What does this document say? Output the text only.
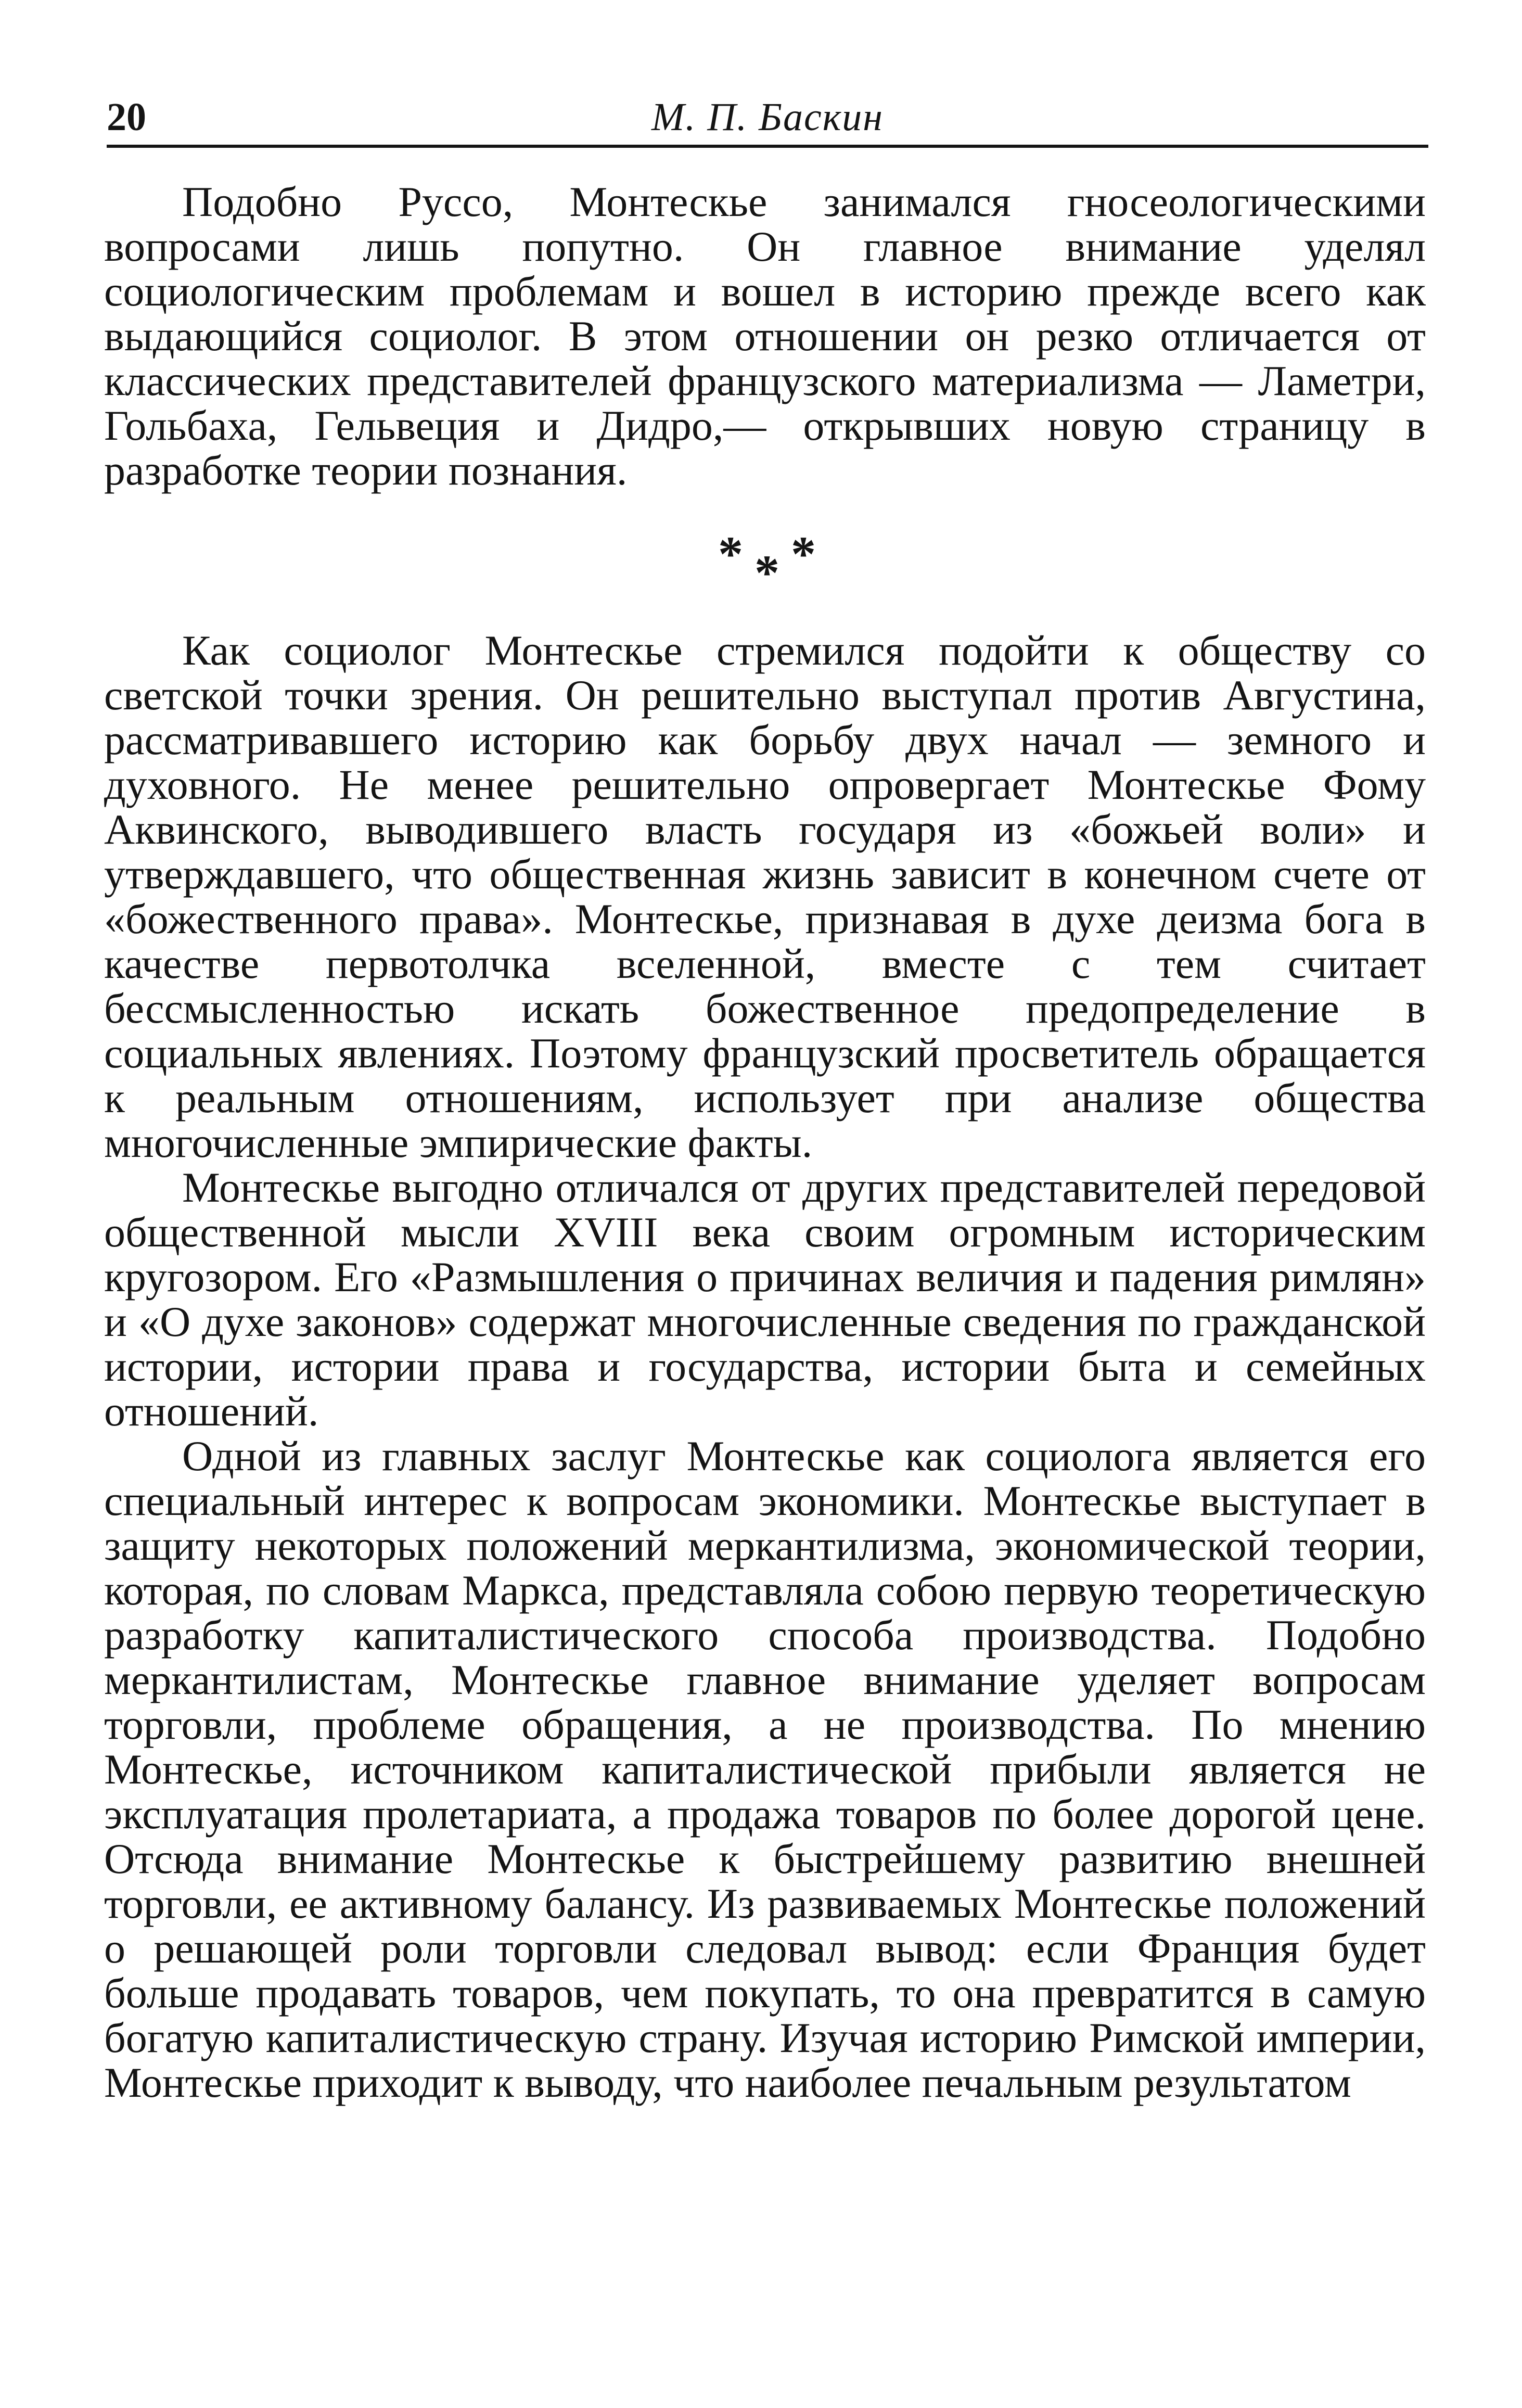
20	М. П. Баскин

Подобно Руссо, Монтескье занимался гносеологическими вопросами лишь попутно. Он главное внимание уделял социологическим проблемам и вошел в историю прежде всего как выдающийся социолог. В этом отношении он резко отличается от классических представителей французского материализма — Ламетри, Гольбаха, Гельвеция и Дидро,— открывших новую страницу в разработке теории познания.

* * *

Как социолог Монтескье стремился подойти к обществу со светской точки зрения. Он решительно выступал против Августина, рассматривавшего историю как борьбу двух начал — земного и духовного. Не менее решительно опровергает Монтескье Фому Аквинского, выводившего власть государя из «божьей воли» и утверждавшего, что общественная жизнь зависит в конечном счете от «божественного права». Монтескье, признавая в духе деизма бога в качестве первотолчка вселенной, вместе с тем считает бессмысленностью искать божественное предопределение в социальных явлениях. Поэтому французский просветитель обращается к реальным отношениям, использует при анализе общества многочисленные эмпирические факты.

Монтескье выгодно отличался от других представителей передовой общественной мысли XVIII века своим огромным историческим кругозором. Его «Размышления о причинах величия и падения римлян» и «О духе законов» содержат многочисленные сведения по гражданской истории, истории права и государства, истории быта и семейных отношений.

Одной из главных заслуг Монтескье как социолога является его специальный интерес к вопросам экономики. Монтескье выступает в защиту некоторых положений меркантилизма, экономической теории, которая, по словам Маркса, представляла собою первую теоретическую разработку капиталистического способа производства. Подобно меркантилистам, Монтескье главное внимание уделяет вопросам торговли, проблеме обращения, а не производства. По мнению Монтескье, источником капиталистической прибыли является не эксплуатация пролетариата, а продажа товаров по более дорогой цене. Отсюда внимание Монтескье к быстрейшему развитию внешней торговли, ее активному балансу. Из развиваемых Монтескье положений о решающей роли торговли следовал вывод: если Франция будет больше продавать товаров, чем покупать, то она превратится в самую богатую капиталистическую страну. Изучая историю Римской империи, Монтескье приходит к выводу, что наиболее печальным результатом
